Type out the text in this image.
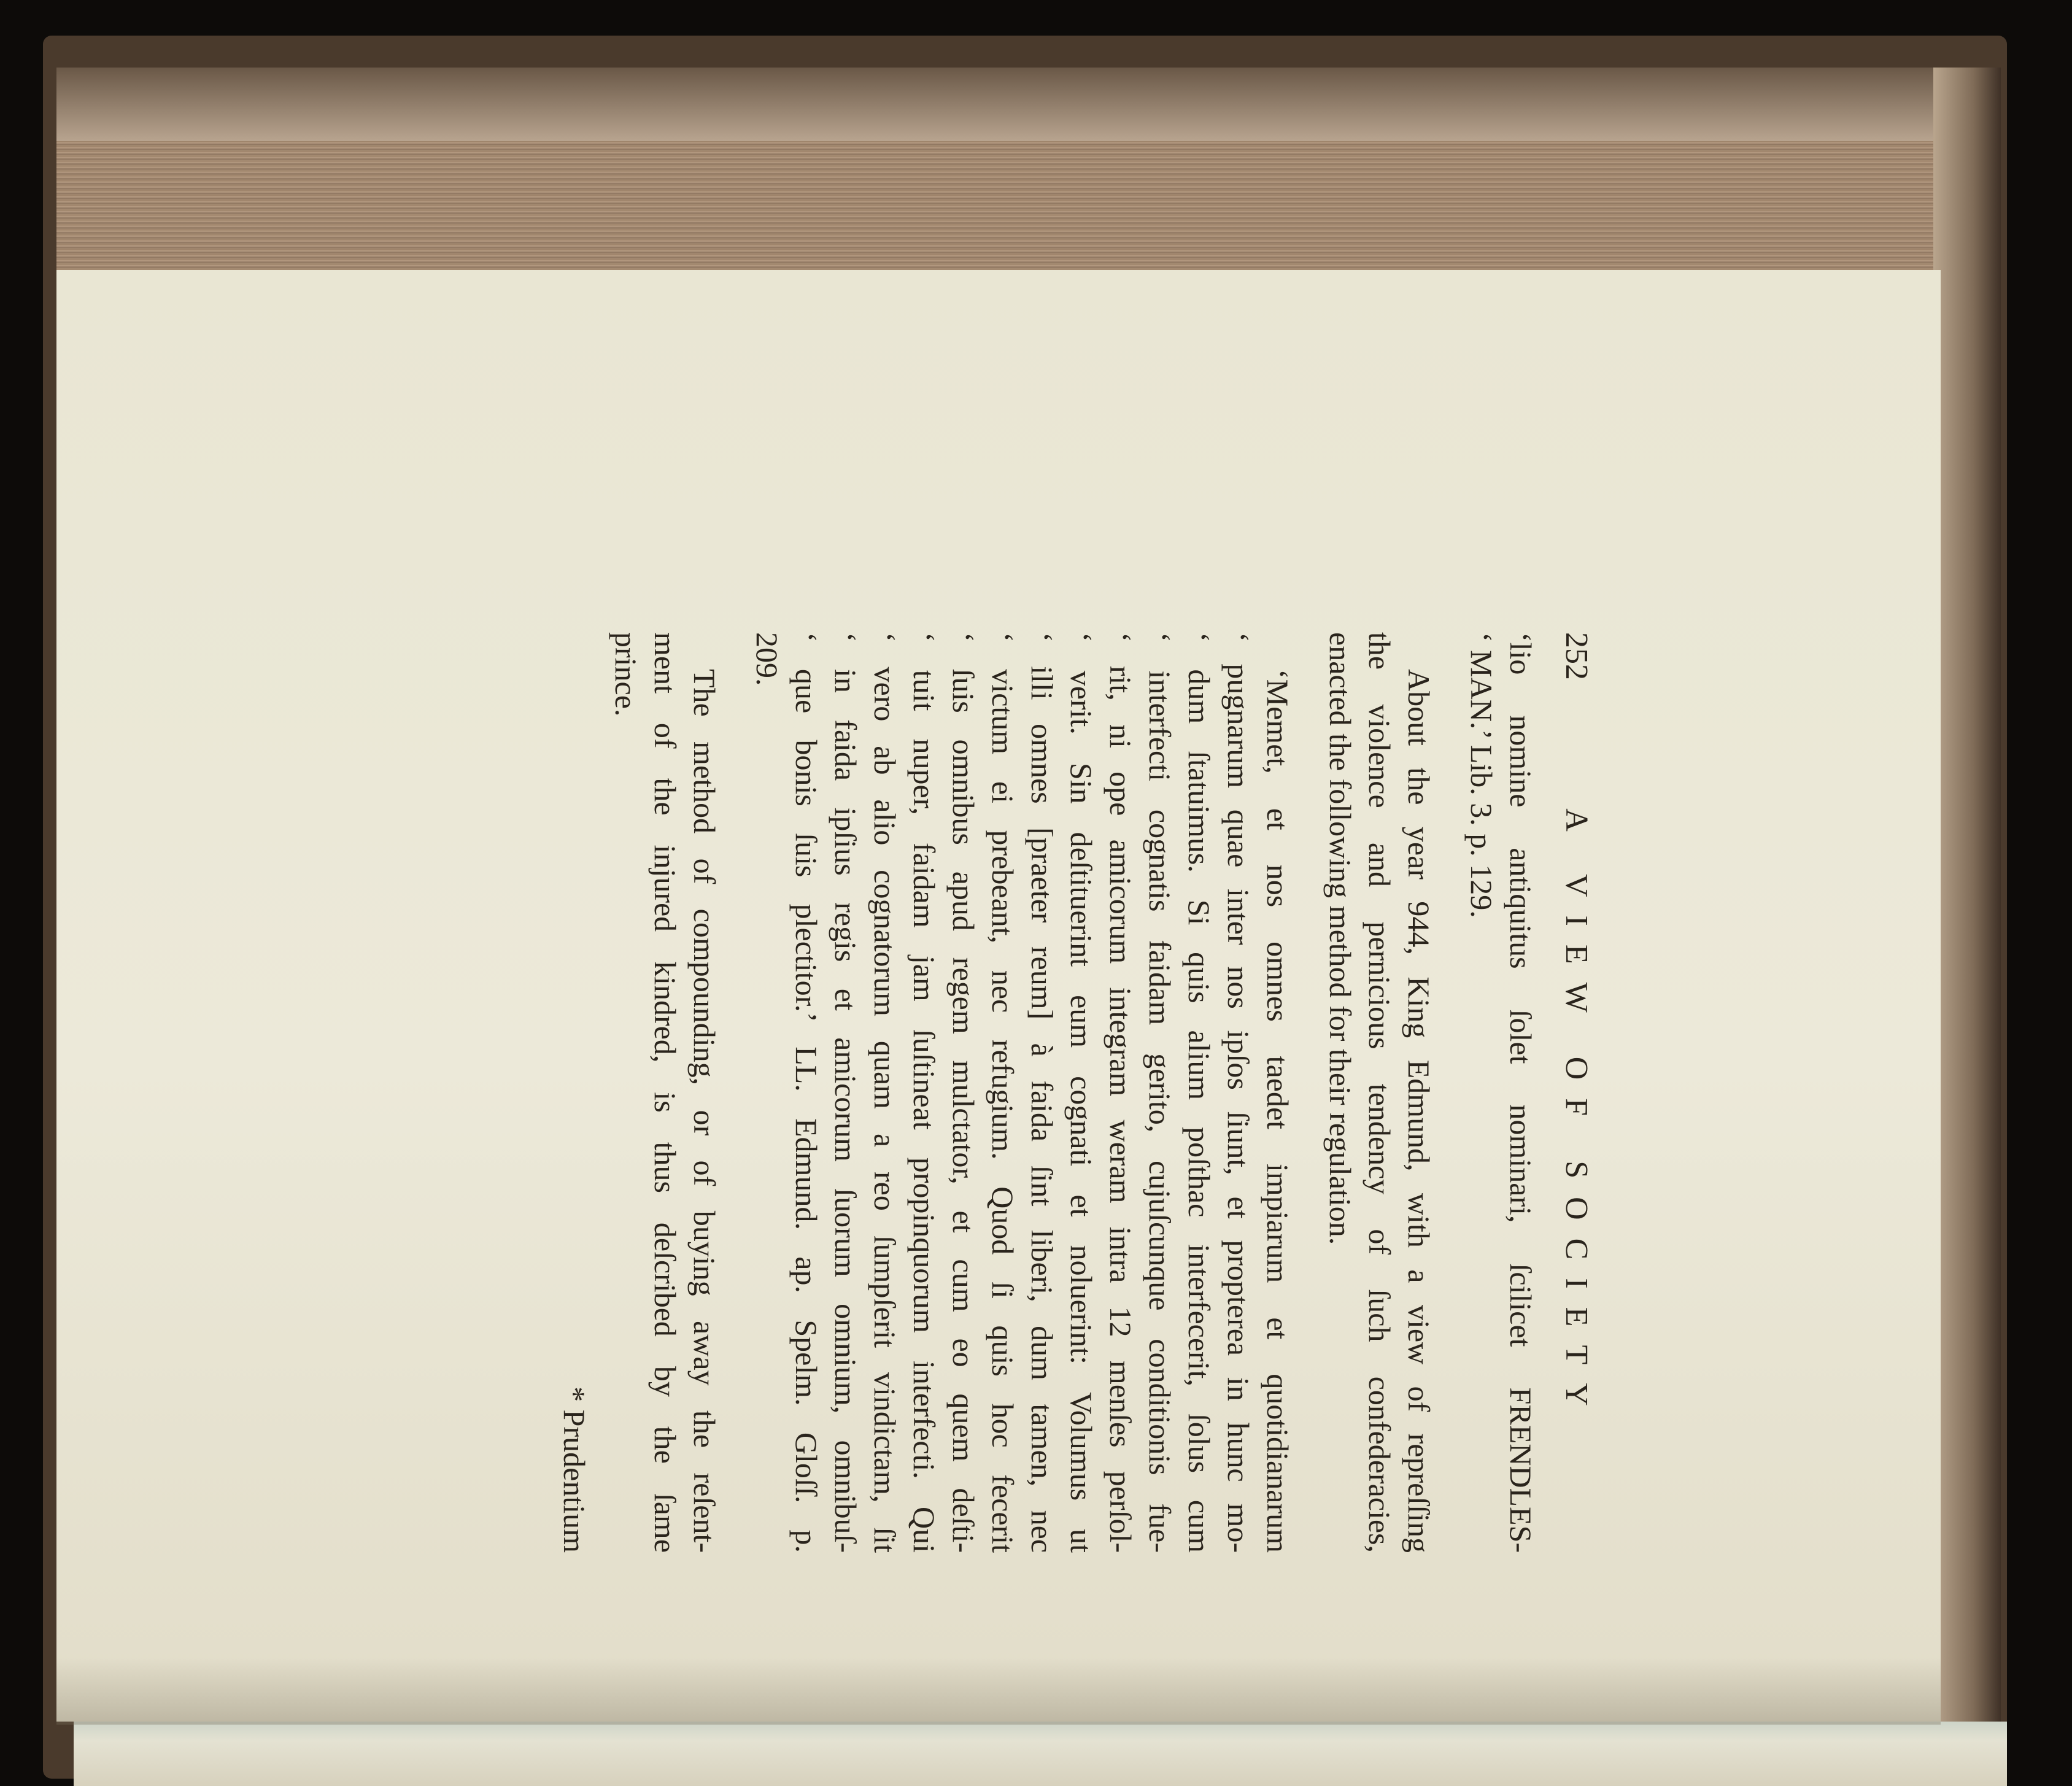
252
A VIEW OF SOCIETY
‘lio nomine antiquitus ſolet nominari, ſcilicet FRENDLES-
‘ MAN.’ Lib. 3. p. 129.
About the year 944, King Edmund, with a view of repreſſing
the violence and pernicious tendency of ſuch confederacies,
enacted the following method for their regulation.
‘Memet, et nos omnes taedet impiarum et quotidianarum
‘ pugnarum quae inter nos ipſos ſiunt, et propterea in hunc mo-
‘ dum ſtatuimus. Si quis alium poſthac interfecerit, ſolus cum
‘ interfecti cognatis faidam gerito, cujuſcunque conditionis fue-
‘ rit, ni ope amicorum integram weram intra 12 menſes perſol-
‘ verit. Sin deſtituerint eum cognati et noluerint: Volumus ut
‘ illi omnes [praeter reum] à faida ſint liberi, dum tamen, nec
‘ victum ei prebeant, nec refugium. Quod ſi quis hoc fecerit
‘ ſuis omnibus apud regem mulctator, et cum eo quem deſti-
‘ tuit nuper, faidam jam ſuſtineat propinquorum interfecti. Qui
‘ vero ab alio cognatorum quam a reo ſumpſerit vindictam, ſit
‘ in faida ipſius regis et amicorum ſuorum omnium, omnibuſ-
‘ que bonis ſuis plectitor.’ LL. Edmund. ap. Spelm. Gloſſ. p.
209.
The method of compounding, or of buying away the reſent-
ment of the injured kindred, is thus deſcribed by the ſame
prince.
* Prudentium
